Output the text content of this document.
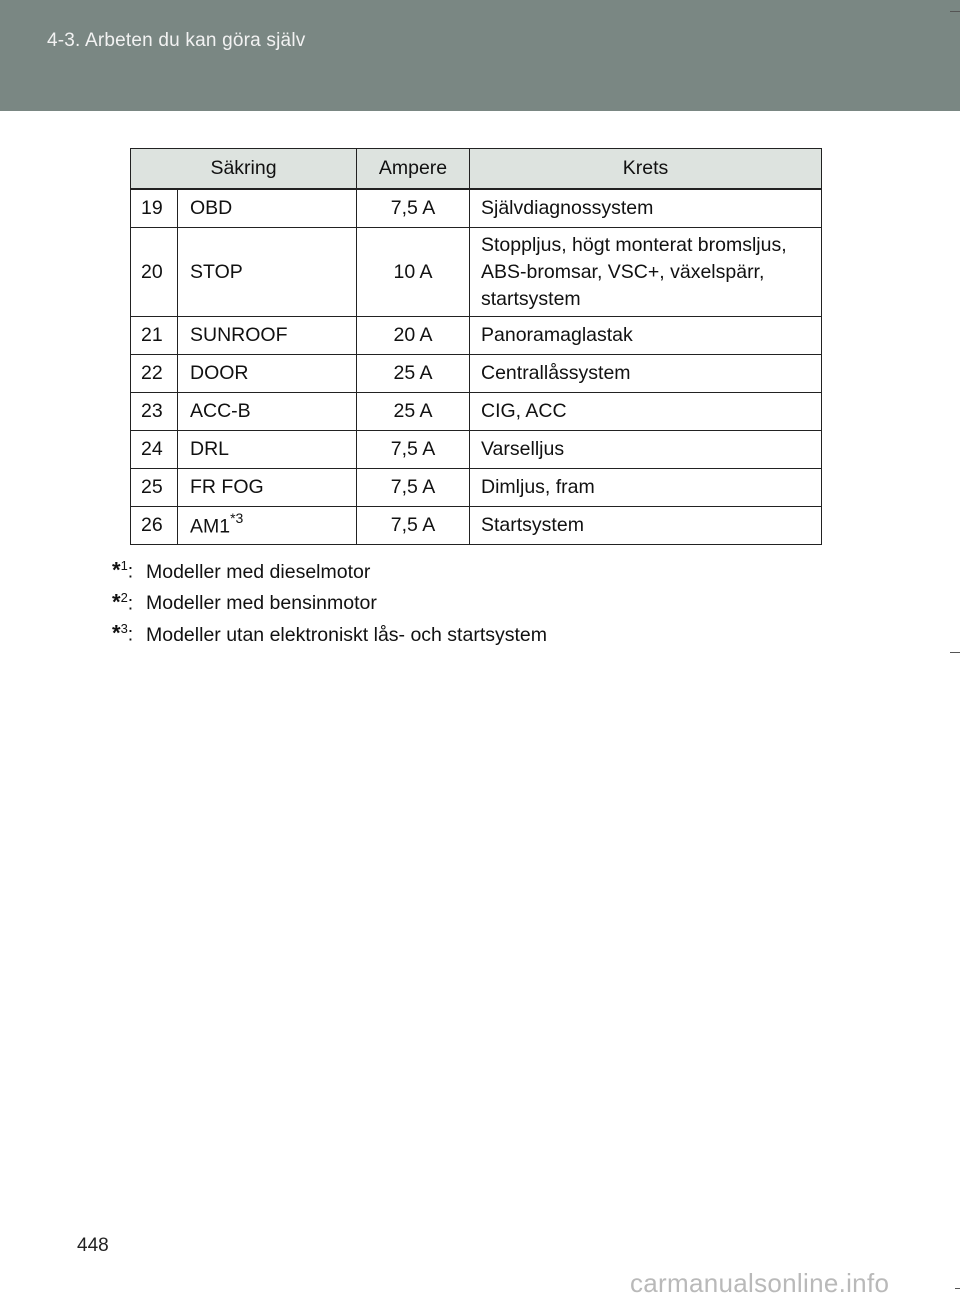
4-3. Arbeten du kan göra själv
Säkring		Ampere	Krets
19	OBD	7,5 A	Självdiagnossystem

20	STOP	10 A	Stoppljus, högt monterat bromsljus,
ABS-bromsar, VSC+, växelspärr,
startsystem

21	SUNROOF	20 A	Panoramaglastak

22	DOOR	25 A	Centrallåssystem

23	ACC-B	25 A	CIG, ACC

24	DRL	7,5 A	Varselljus

25	FR FOG	7,5 A	Dimljus, fram

26	AM1$^{*3}$	7,5 A	Startsystem
*$^1$: Modeller med dieselmotor
*$^2$: Modeller med bensinmotor
*$^3$: Modeller utan elektroniskt lås- och startsystem
448
carmanualsonline.info
